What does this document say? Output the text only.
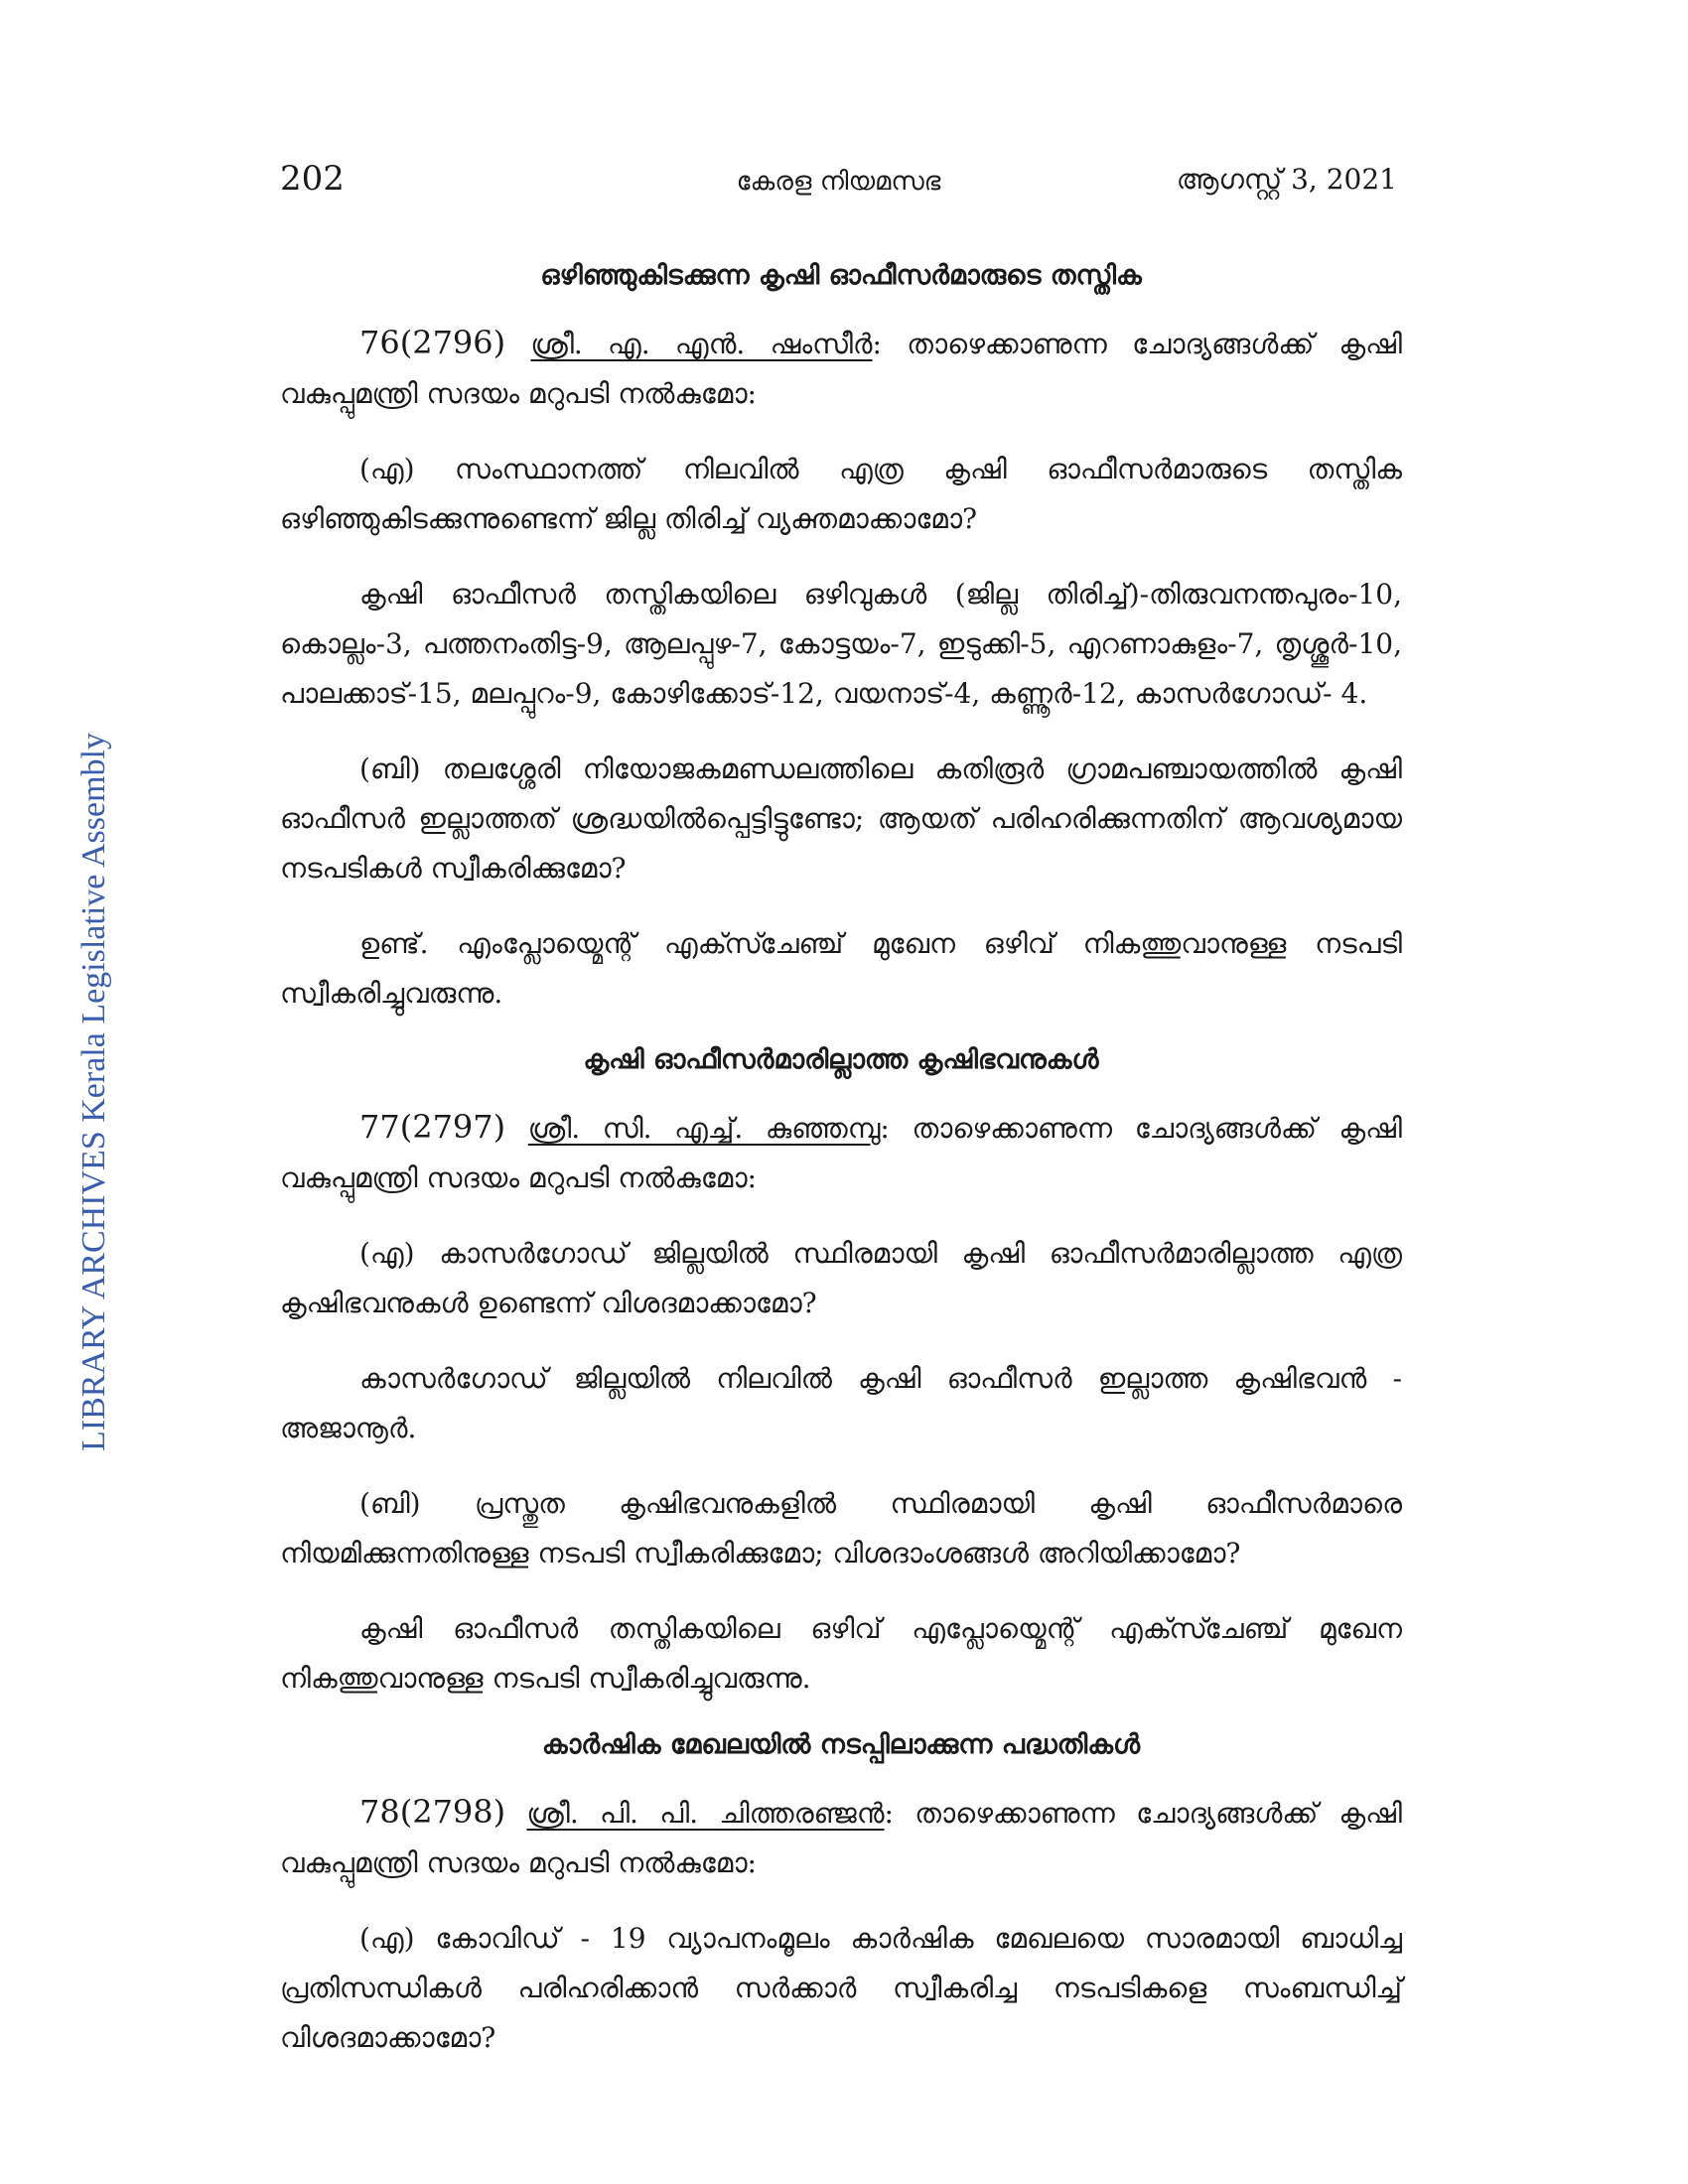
202	കേരള നിയമസഭ	ആഗസ്റ്റ് 3, 2021
LIBRARY ARCHIVES Kerala Legislative Assembly
ഒഴിഞ്ഞുകിടക്കുന്ന കൃഷി ഓഫീസർമാരുടെ തസ്തിക

76(2796) ശ്രീ. എ. എൻ. ഷംസീർ: താഴെക്കാണുന്ന ചോദ്യങ്ങൾക്ക് കൃഷി വകുപ്പുമന്ത്രി സദയം മറുപടി നൽകുമോ:

(എ) സംസ്ഥാനത്ത് നിലവിൽ എത്ര കൃഷി ഓഫീസർമാരുടെ തസ്തിക ഒഴിഞ്ഞുകിടക്കുന്നുണ്ടെന്ന് ജില്ല തിരിച്ച് വ്യക്തമാക്കാമോ?

കൃഷി ഓഫീസർ തസ്തികയിലെ ഒഴിവുകൾ (ജില്ല തിരിച്ച്)-തിരുവനന്തപുരം-10, കൊല്ലം-3, പത്തനംതിട്ട-9, ആലപ്പുഴ-7, കോട്ടയം-7, ഇടുക്കി-5, എറണാകുളം-7, തൃശ്ശൂർ-10, പാലക്കാട്-15, മലപ്പുറം-9, കോഴിക്കോട്-12, വയനാട്-4, കണ്ണൂർ-12, കാസർഗോഡ്- 4.

(ബി) തലശ്ശേരി നിയോജകമണ്ഡലത്തിലെ കതിരൂർ ഗ്രാമപഞ്ചായത്തിൽ കൃഷി ഓഫീസർ ഇല്ലാത്തത് ശ്രദ്ധയിൽപ്പെട്ടിട്ടുണ്ടോ; ആയത് പരിഹരിക്കുന്നതിന് ആവശ്യമായ നടപടികൾ സ്വീകരിക്കുമോ?

ഉണ്ട്. എംപ്ലോയ്മെന്റ് എക്സ്ചേഞ്ച് മുഖേന ഒഴിവ് നികത്തുവാനുള്ള നടപടി സ്വീകരിച്ചുവരുന്നു.

കൃഷി ഓഫീസർമാരില്ലാത്ത കൃഷിഭവനുകൾ

77(2797) ശ്രീ. സി. എച്ച്. കുഞ്ഞമ്പു: താഴെക്കാണുന്ന ചോദ്യങ്ങൾക്ക് കൃഷി വകുപ്പുമന്ത്രി സദയം മറുപടി നൽകുമോ:

(എ) കാസർഗോഡ് ജില്ലയിൽ സ്ഥിരമായി കൃഷി ഓഫീസർമാരില്ലാത്ത എത്ര കൃഷിഭവനുകൾ ഉണ്ടെന്ന് വിശദമാക്കാമോ?

കാസർഗോഡ് ജില്ലയിൽ നിലവിൽ കൃഷി ഓഫീസർ ഇല്ലാത്ത കൃഷിഭവൻ - അജാനൂർ.

(ബി) പ്രസ്തുത കൃഷിഭവനുകളിൽ സ്ഥിരമായി കൃഷി ഓഫീസർമാരെ നിയമിക്കുന്നതിനുള്ള നടപടി സ്വീകരിക്കുമോ; വിശദാംശങ്ങൾ അറിയിക്കാമോ?

കൃഷി ഓഫീസർ തസ്തികയിലെ ഒഴിവ് എപ്ലോയ്മെന്റ് എക്സ്ചേഞ്ച് മുഖേന നികത്തുവാനുള്ള നടപടി സ്വീകരിച്ചുവരുന്നു.

കാർഷിക മേഖലയിൽ നടപ്പിലാക്കുന്ന പദ്ധതികൾ

78(2798) ശ്രീ. പി. പി. ചിത്തരഞ്ജൻ: താഴെക്കാണുന്ന ചോദ്യങ്ങൾക്ക് കൃഷി വകുപ്പുമന്ത്രി സദയം മറുപടി നൽകുമോ:

(എ) കോവിഡ് - 19 വ്യാപനംമൂലം കാർഷിക മേഖലയെ സാരമായി ബാധിച്ച പ്രതിസന്ധികൾ പരിഹരിക്കാൻ സർക്കാർ സ്വീകരിച്ച നടപടികളെ സംബന്ധിച്ച് വിശദമാക്കാമോ?
